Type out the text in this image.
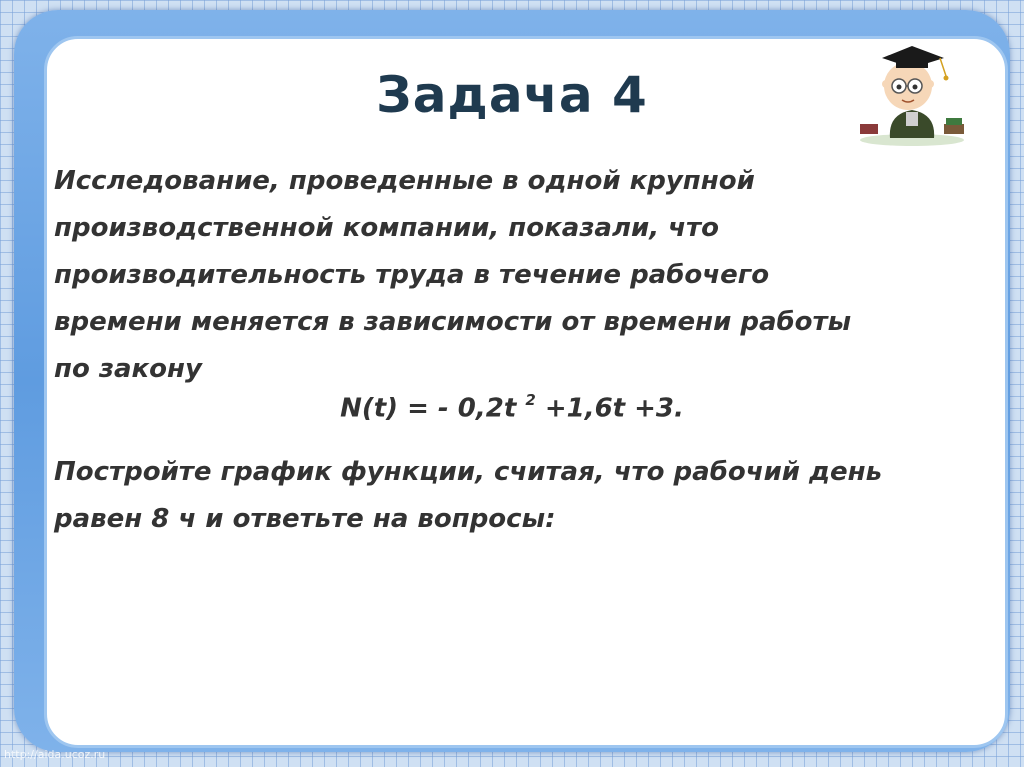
Задача 4
Исследование, проведенные в одной крупной производственной компании, показали, что производительность труда в течение рабочего времени меняется в зависимости от времени работы по закону
N(t) = - 0,2t $^2$ +1,6t +3.
Постройте график функции, считая, что рабочий день равен 8 ч и ответьте на вопросы:
http://aida.ucoz.ru
